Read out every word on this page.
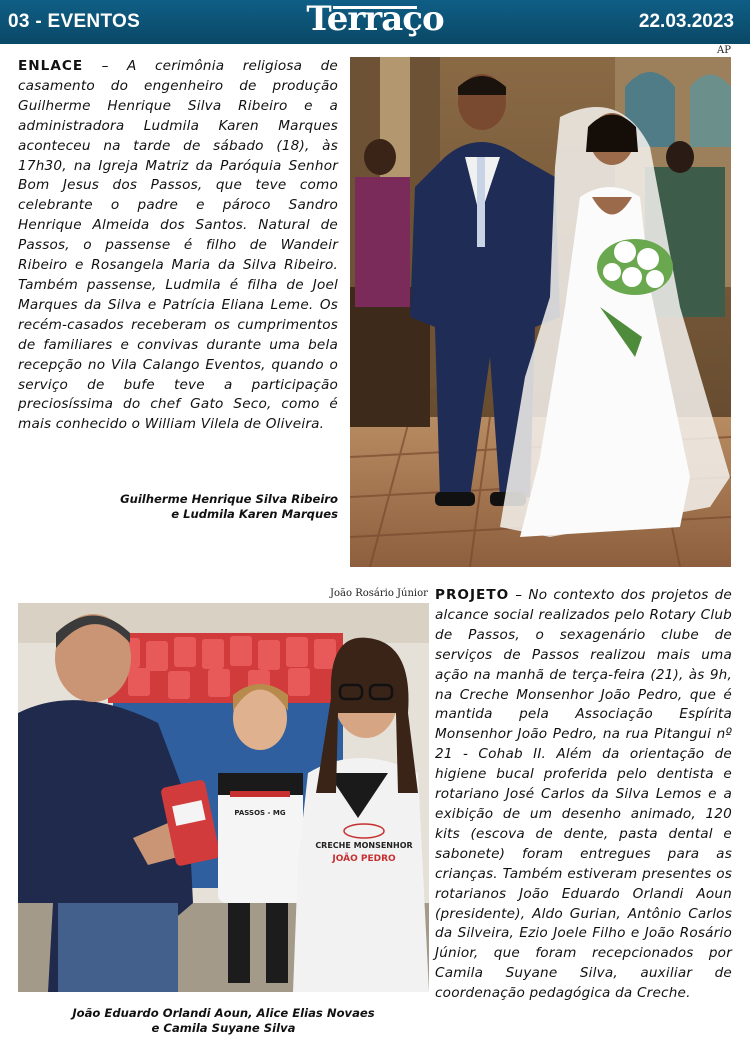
03 - EVENTOS	Terraço	22.03.2023
AP
ENLACE – A cerimônia religiosa de casamento do engenheiro de produção Guilherme Henrique Silva Ribeiro e a administradora Ludmila Karen Marques aconteceu na tarde de sábado (18), às 17h30, na Igreja Matriz da Paróquia Senhor Bom Jesus dos Passos, que teve como celebrante o padre e pároco Sandro Henrique Almeida dos Santos. Natural de Passos, o passense é filho de Wandeir Ribeiro e Rosangela Maria da Silva Ribeiro. Também passense, Ludmila é filha de Joel Marques da Silva e Patrícia Eliana Leme. Os recém-casados receberam os cumprimentos de familiares e convivas durante uma bela recepção no Vila Calango Eventos, quando o serviço de bufe teve a participação preciosíssima do chef Gato Seco, como é mais conhecido o William Vilela de Oliveira.
Guilherme Henrique Silva Ribeiro
e Ludmila Karen Marques
João Rosário Júnior
PASSOS - MG
CRECHE MONSENHOR
JOÃO PEDRO
João Eduardo Orlandi Aoun, Alice Elias Novaes
e Camila Suyane Silva
PROJETO – No contexto dos projetos de alcance social realizados pelo Rotary Club de Passos, o sexagenário clube de serviços de Passos realizou mais uma ação na manhã de terça-feira (21), às 9h, na Creche Monsenhor João Pedro, que é mantida pela Associação Espírita Monsenhor João Pedro, na rua Pitangui nº 21 - Cohab II. Além da orientação de higiene bucal proferida pelo dentista e rotariano José Carlos da Silva Lemos e a exibição de um desenho animado, 120 kits (escova de dente, pasta dental e sabonete) foram entregues para as crianças. Também estiveram presentes os rotarianos João Eduardo Orlandi Aoun (presidente), Aldo Gurian, Antônio Carlos da Silveira, Ezio Joele Filho e João Rosário Júnior, que foram recepcionados por Camila Suyane Silva, auxiliar de coordenação pedagógica da Creche.
